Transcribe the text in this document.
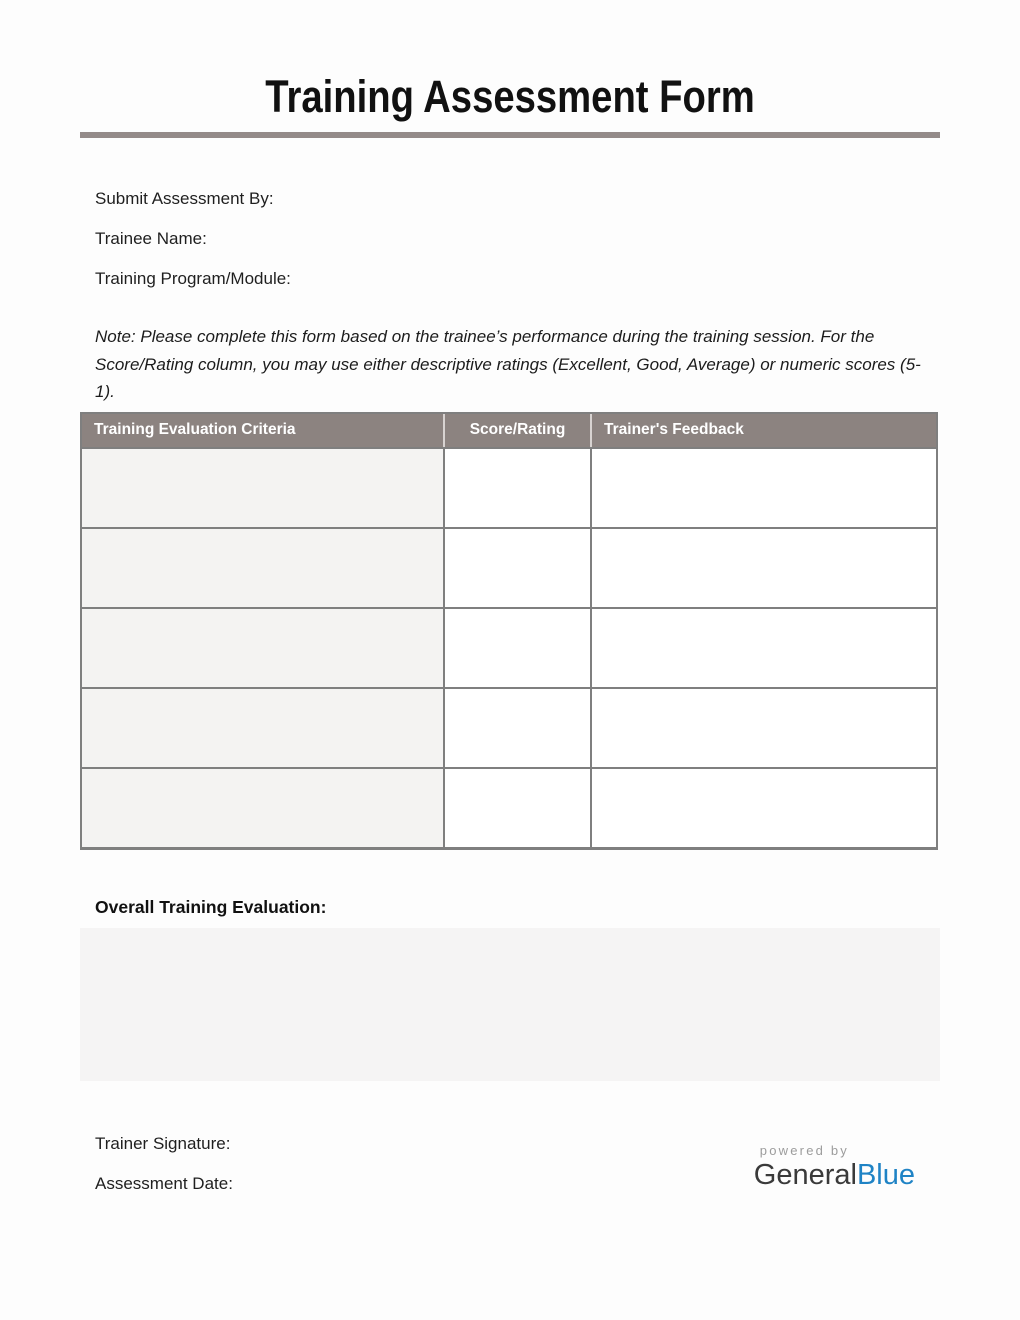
Training Assessment Form
Submit Assessment By:
Trainee Name:
Training Program/Module:

Note: Please complete this form based on the trainee’s performance during the training session. For the Score/Rating column, you may use either descriptive ratings (Excellent, Good, Average) or numeric scores (5-1).

Training Evaluation Criteria	Score/Rating	Trainer's Feedback

Overall Training Evaluation:
Trainer Signature:
Assessment Date:
powered by
GeneralBlue
